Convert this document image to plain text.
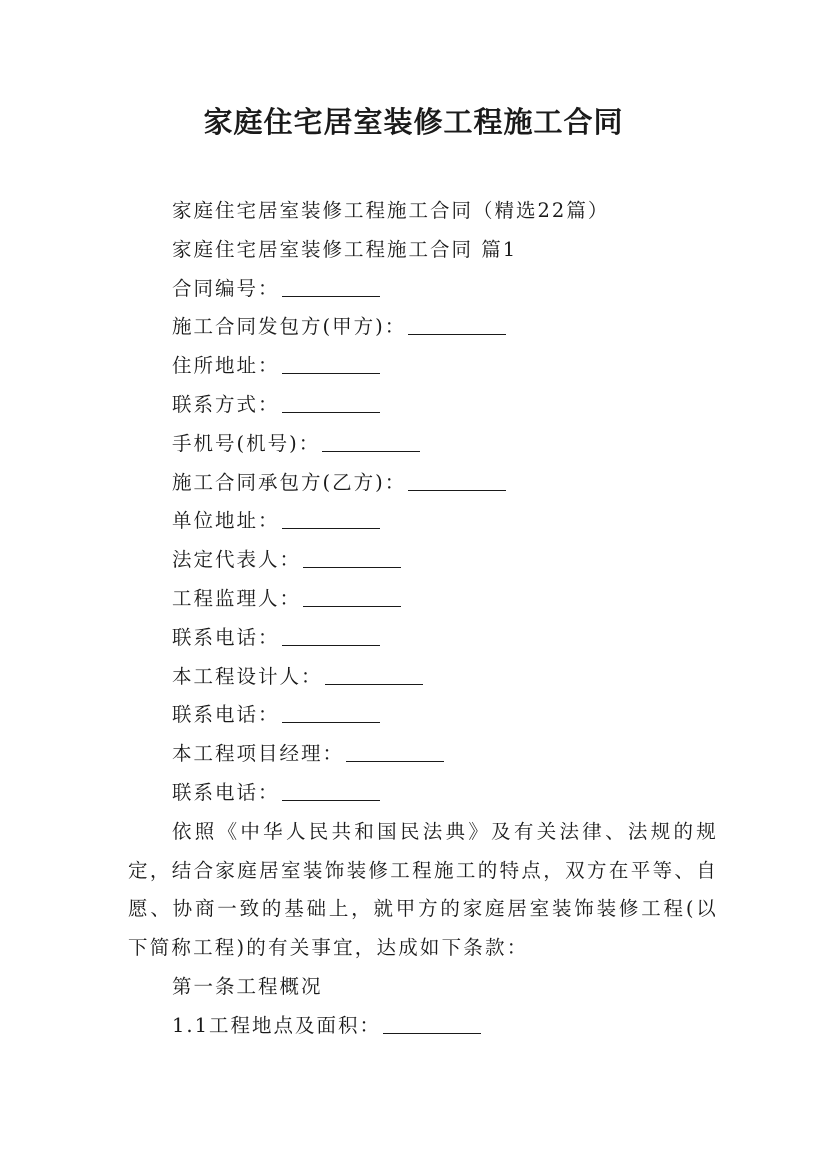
家庭住宅居室装修工程施工合同

家庭住宅居室装修工程施工合同（精选22篇）

家庭住宅居室装修工程施工合同 篇1

合同编号：

施工合同发包方(甲方)：

住所地址：

联系方式：

手机号(机号)：

施工合同承包方(乙方)：

单位地址：

法定代表人：

工程监理人：

联系电话：

本工程设计人：

联系电话：

本工程项目经理：

联系电话：

依照《中华人民共和国民法典》及有关法律、法规的规定，结合家庭居室装饰装修工程施工的特点，双方在平等、自愿、协商一致的基础上，就甲方的家庭居室装饰装修工程(以下简称工程)的有关事宜，达成如下条款：

第一条工程概况

1.1工程地点及面积：
